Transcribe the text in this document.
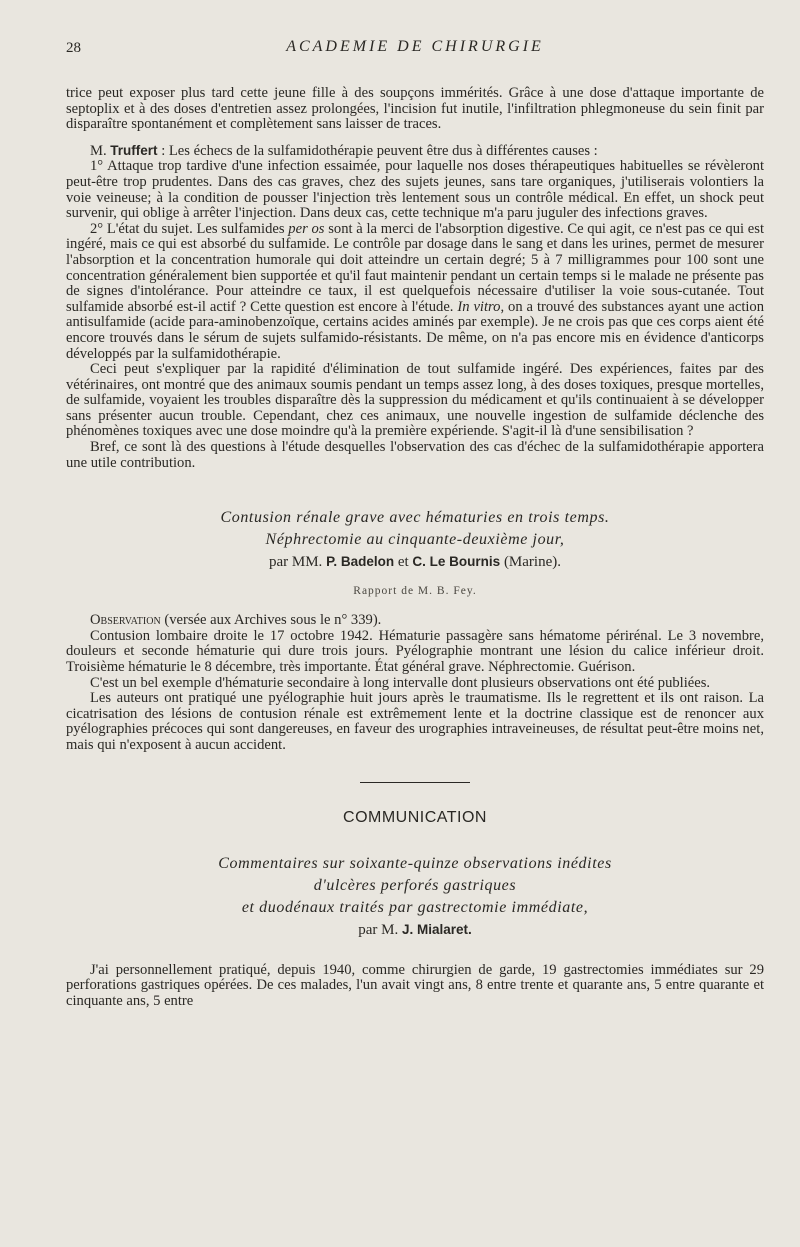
28	ACADEMIE DE CHIRURGIE

trice peut exposer plus tard cette jeune fille à des soupçons immérités. Grâce à une dose d'attaque importante de septoplix et à des doses d'entretien assez prolongées, l'incision fut inutile, l'infiltration phlegmoneuse du sein finit par disparaître spontanément et complètement sans laisser de traces.

M. Truffert : Les échecs de la sulfamidothérapie peuvent être dus à différentes causes :

1° Attaque trop tardive d'une infection essaimée, pour laquelle nos doses thérapeutiques habituelles se révèleront peut-être trop prudentes. Dans des cas graves, chez des sujets jeunes, sans tare organiques, j'utiliserais volontiers la voie veineuse; à la condition de pousser l'injection très lentement sous un contrôle médical. En effet, un shock peut survenir, qui oblige à arrêter l'injection. Dans deux cas, cette technique m'a paru juguler des infections graves.

2° L'état du sujet. Les sulfamides per os sont à la merci de l'absorption digestive. Ce qui agit, ce n'est pas ce qui est ingéré, mais ce qui est absorbé du sulfamide. Le contrôle par dosage dans le sang et dans les urines, permet de mesurer l'absorption et la concentration humorale qui doit atteindre un certain degré; 5 à 7 milligrammes pour 100 sont une concentration généralement bien supportée et qu'il faut maintenir pendant un certain temps si le malade ne présente pas de signes d'intolérance. Pour atteindre ce taux, il est quelquefois nécessaire d'utiliser la voie sous-cutanée. Tout sulfamide absorbé est-il actif ? Cette question est encore à l'étude. In vitro, on a trouvé des substances ayant une action antisulfamide (acide para-aminobenzoïque, certains acides aminés par exemple). Je ne crois pas que ces corps aient été encore trouvés dans le sérum de sujets sulfamido-résistants. De même, on n'a pas encore mis en évidence d'anticorps développés par la sulfamidothérapie.

Ceci peut s'expliquer par la rapidité d'élimination de tout sulfamide ingéré. Des expériences, faites par des vétérinaires, ont montré que des animaux soumis pendant un temps assez long, à des doses toxiques, presque mortelles, de sulfamide, voyaient les troubles disparaître dès la suppression du médicament et qu'ils continuaient à se développer sans présenter aucun trouble. Cependant, chez ces animaux, une nouvelle ingestion de sulfamide déclenche des phénomènes toxiques avec une dose moindre qu'à la première expériende. S'agit-il là d'une sensibilisation ?

Bref, ce sont là des questions à l'étude desquelles l'observation des cas d'échec de la sulfamidothérapie apportera une utile contribution.

Contusion rénale grave avec hématuries en trois temps.

Néphrectomie au cinquante-deuxième jour,

par MM. P. Badelon et C. Le Bournis (Marine).

Rapport de M. B. Fey.

Observation (versée aux Archives sous le n° 339).

Contusion lombaire droite le 17 octobre 1942. Hématurie passagère sans hématome périrénal. Le 3 novembre, douleurs et seconde hématurie qui dure trois jours. Pyélographie montrant une lésion du calice inférieur droit. Troisième hématurie le 8 décembre, très importante. État général grave. Néphrectomie. Guérison.

C'est un bel exemple d'hématurie secondaire à long intervalle dont plusieurs observations ont été publiées.

Les auteurs ont pratiqué une pyélographie huit jours après le traumatisme. Ils le regrettent et ils ont raison. La cicatrisation des lésions de contusion rénale est extrêmement lente et la doctrine classique est de renoncer aux pyélographies précoces qui sont dangereuses, en faveur des urographies intraveineuses, de résultat peut-être moins net, mais qui n'exposent à aucun accident.

COMMUNICATION

Commentaires sur soixante-quinze observations inédites

d'ulcères perforés gastriques

et duodénaux traités par gastrectomie immédiate,

par M. J. Mialaret.

J'ai personnellement pratiqué, depuis 1940, comme chirurgien de garde, 19 gastrectomies immédiates sur 29 perforations gastriques opérées. De ces malades, l'un avait vingt ans, 8 entre trente et quarante ans, 5 entre quarante et cinquante ans, 5 entre
